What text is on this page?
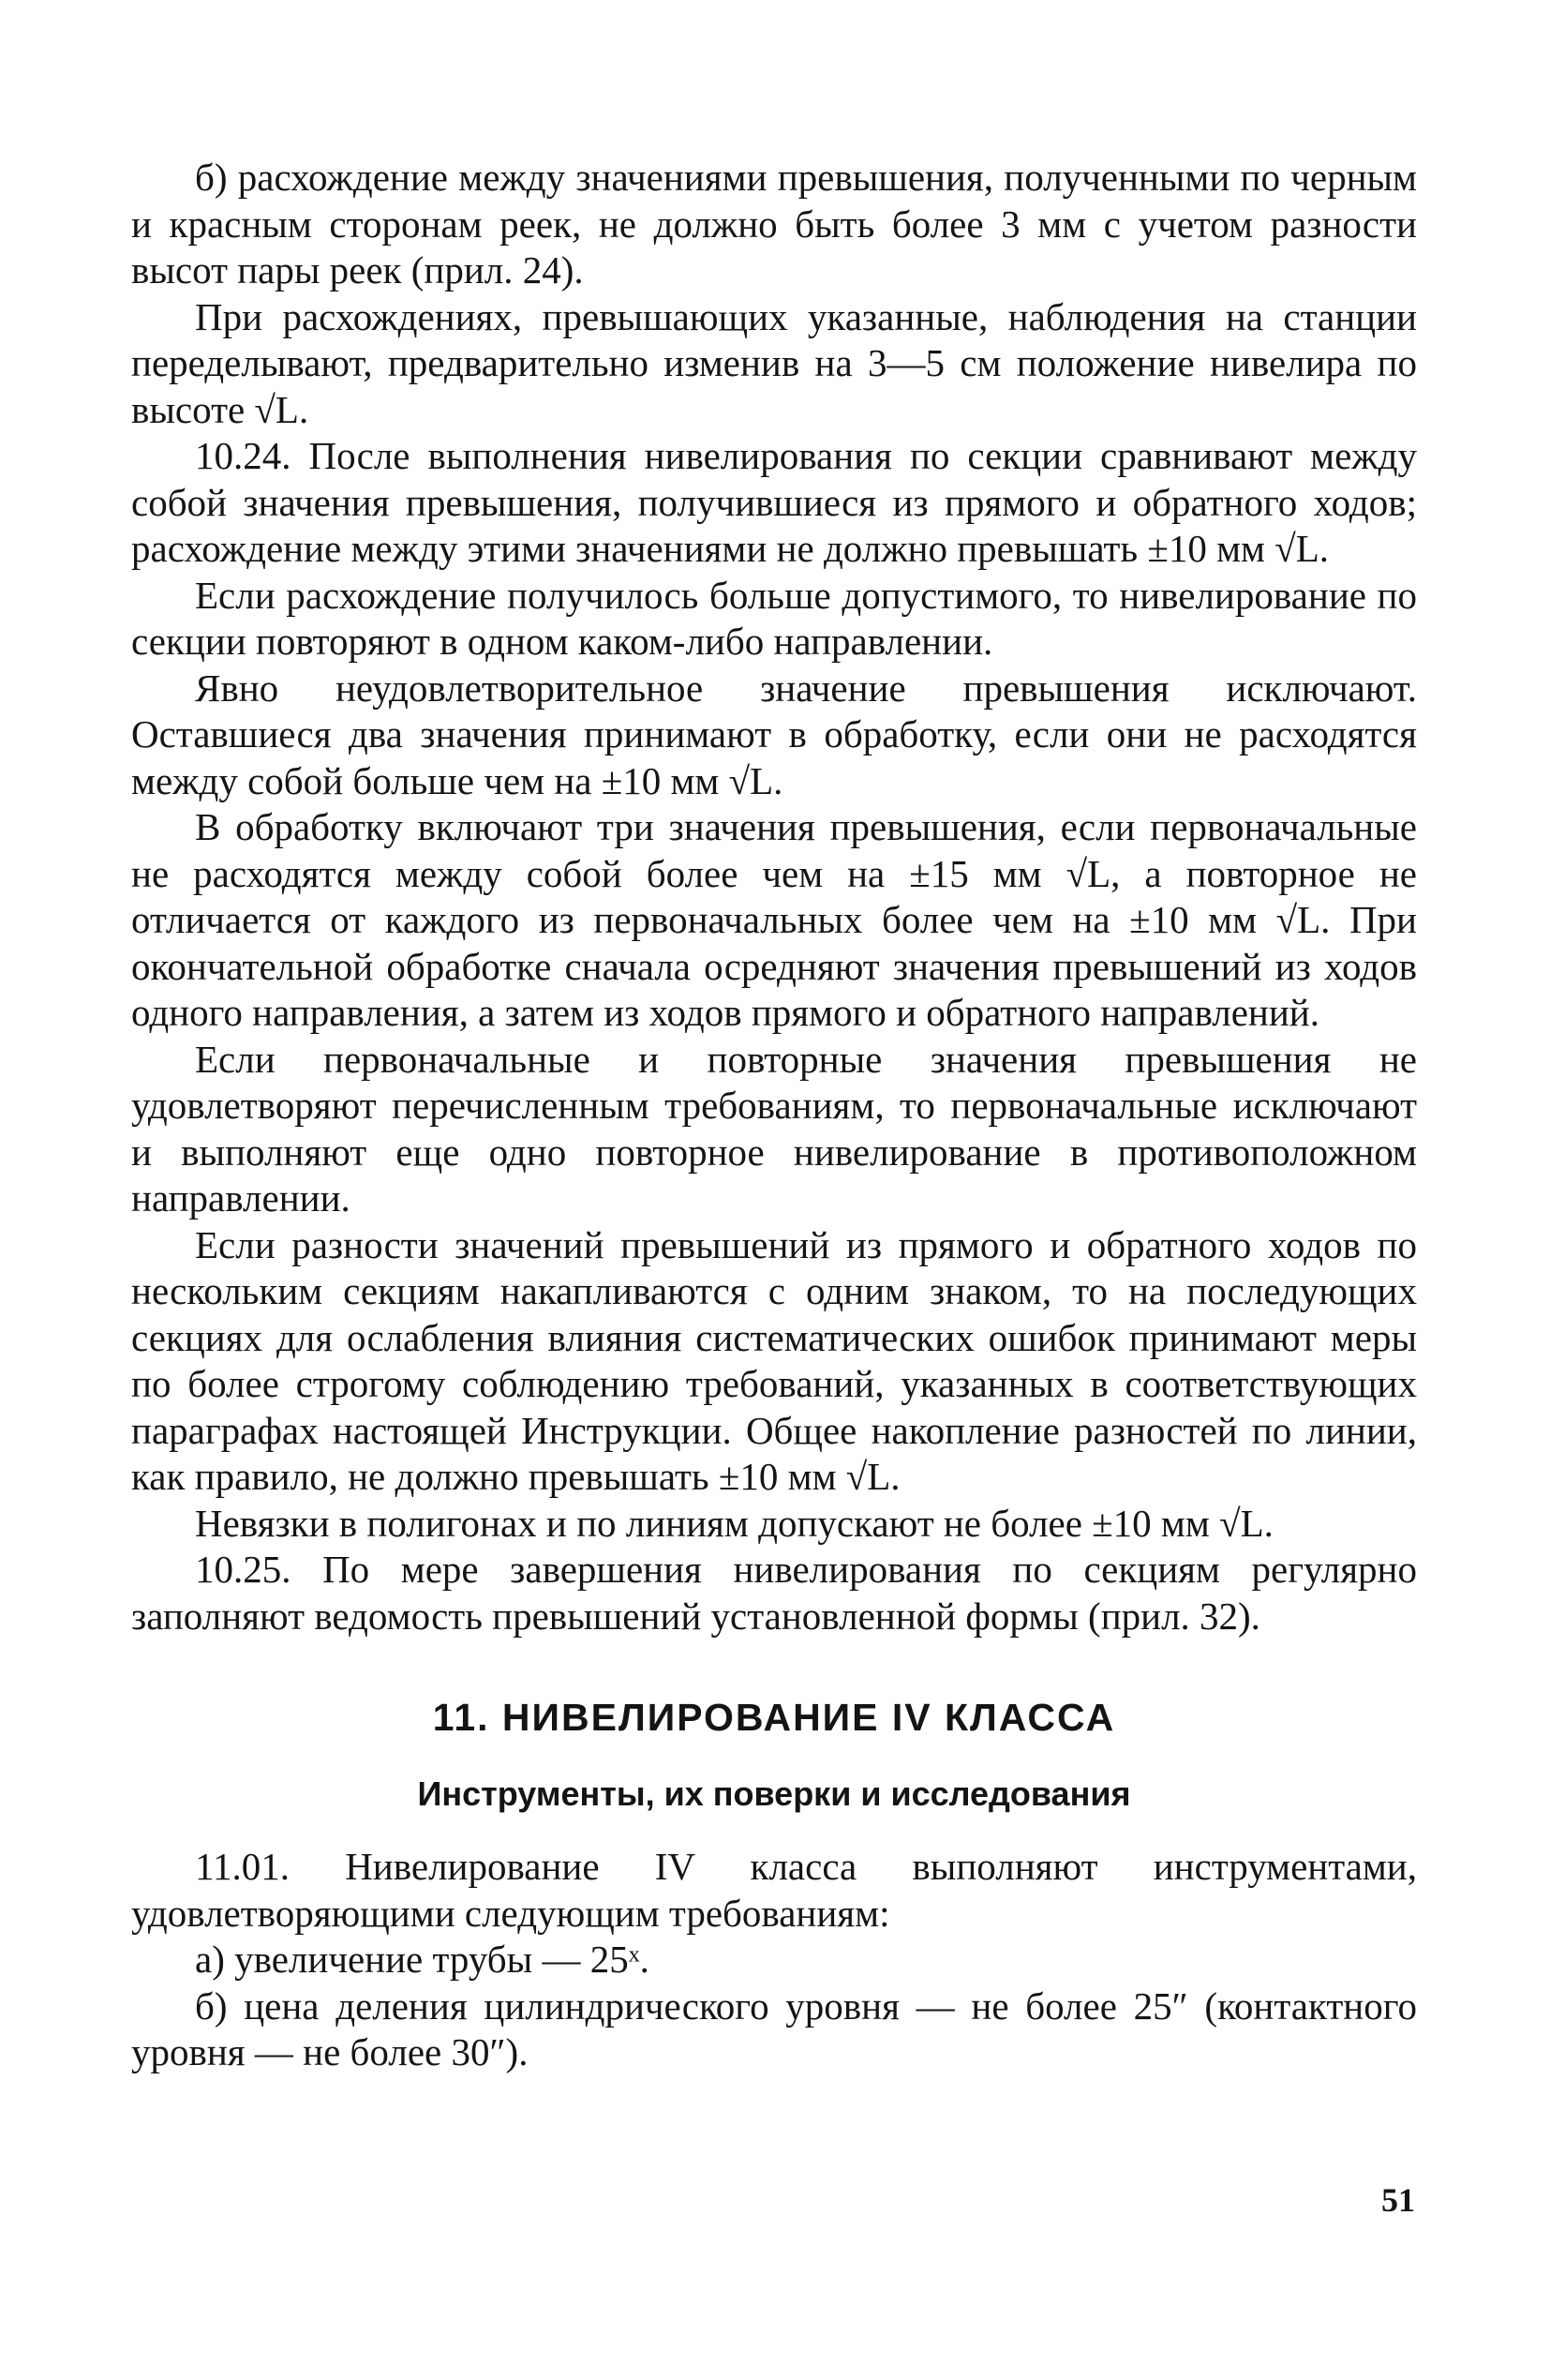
б) расхождение между значениями превышения, полученными по черным и красным сторонам реек, не должно быть более 3 мм с учетом разности высот пары реек (прил. 24).

При расхождениях, превышающих указанные, наблюдения на станции переделывают, предварительно изменив на 3—5 см положение нивелира по высоте √L.

10.24. После выполнения нивелирования по секции сравнивают между собой значения превышения, получившиеся из прямого и обратного ходов; расхождение между этими значениями не должно превышать ±10 мм √L.

Если расхождение получилось больше допустимого, то нивелирование по секции повторяют в одном каком-либо направлении.

Явно неудовлетворительное значение превышения исключают. Оставшиеся два значения принимают в обработку, если они не расходятся между собой больше чем на ±10 мм √L.

В обработку включают три значения превышения, если первоначальные не расходятся между собой более чем на ±15 мм √L, а повторное не отличается от каждого из первоначальных более чем на ±10 мм √L. При окончательной обработке сначала осредняют значения превышений из ходов одного направления, а затем из ходов прямого и обратного направлений.

Если первоначальные и повторные значения превышения не удовлетворяют перечисленным требованиям, то первоначальные исключают и выполняют еще одно повторное нивелирование в противоположном направлении.

Если разности значений превышений из прямого и обратного ходов по нескольким секциям накапливаются с одним знаком, то на последующих секциях для ослабления влияния систематических ошибок принимают меры по более строгому соблюдению требований, указанных в соответствующих параграфах настоящей Инструкции. Общее накопление разностей по линии, как правило, не должно превышать ±10 мм √L.

Невязки в полигонах и по линиям допускают не более ±10 мм √L.

10.25. По мере завершения нивелирования по секциям регулярно заполняют ведомость превышений установленной формы (прил. 32).

11. НИВЕЛИРОВАНИЕ IV КЛАССА
Инструменты, их поверки и исследования

11.01. Нивелирование IV класса выполняют инструментами, удовлетворяющими следующим требованиям:

а) увеличение трубы — 25ˣ.

б) цена деления цилиндрического уровня — не более 25″ (контактного уровня — не более 30″).

51
